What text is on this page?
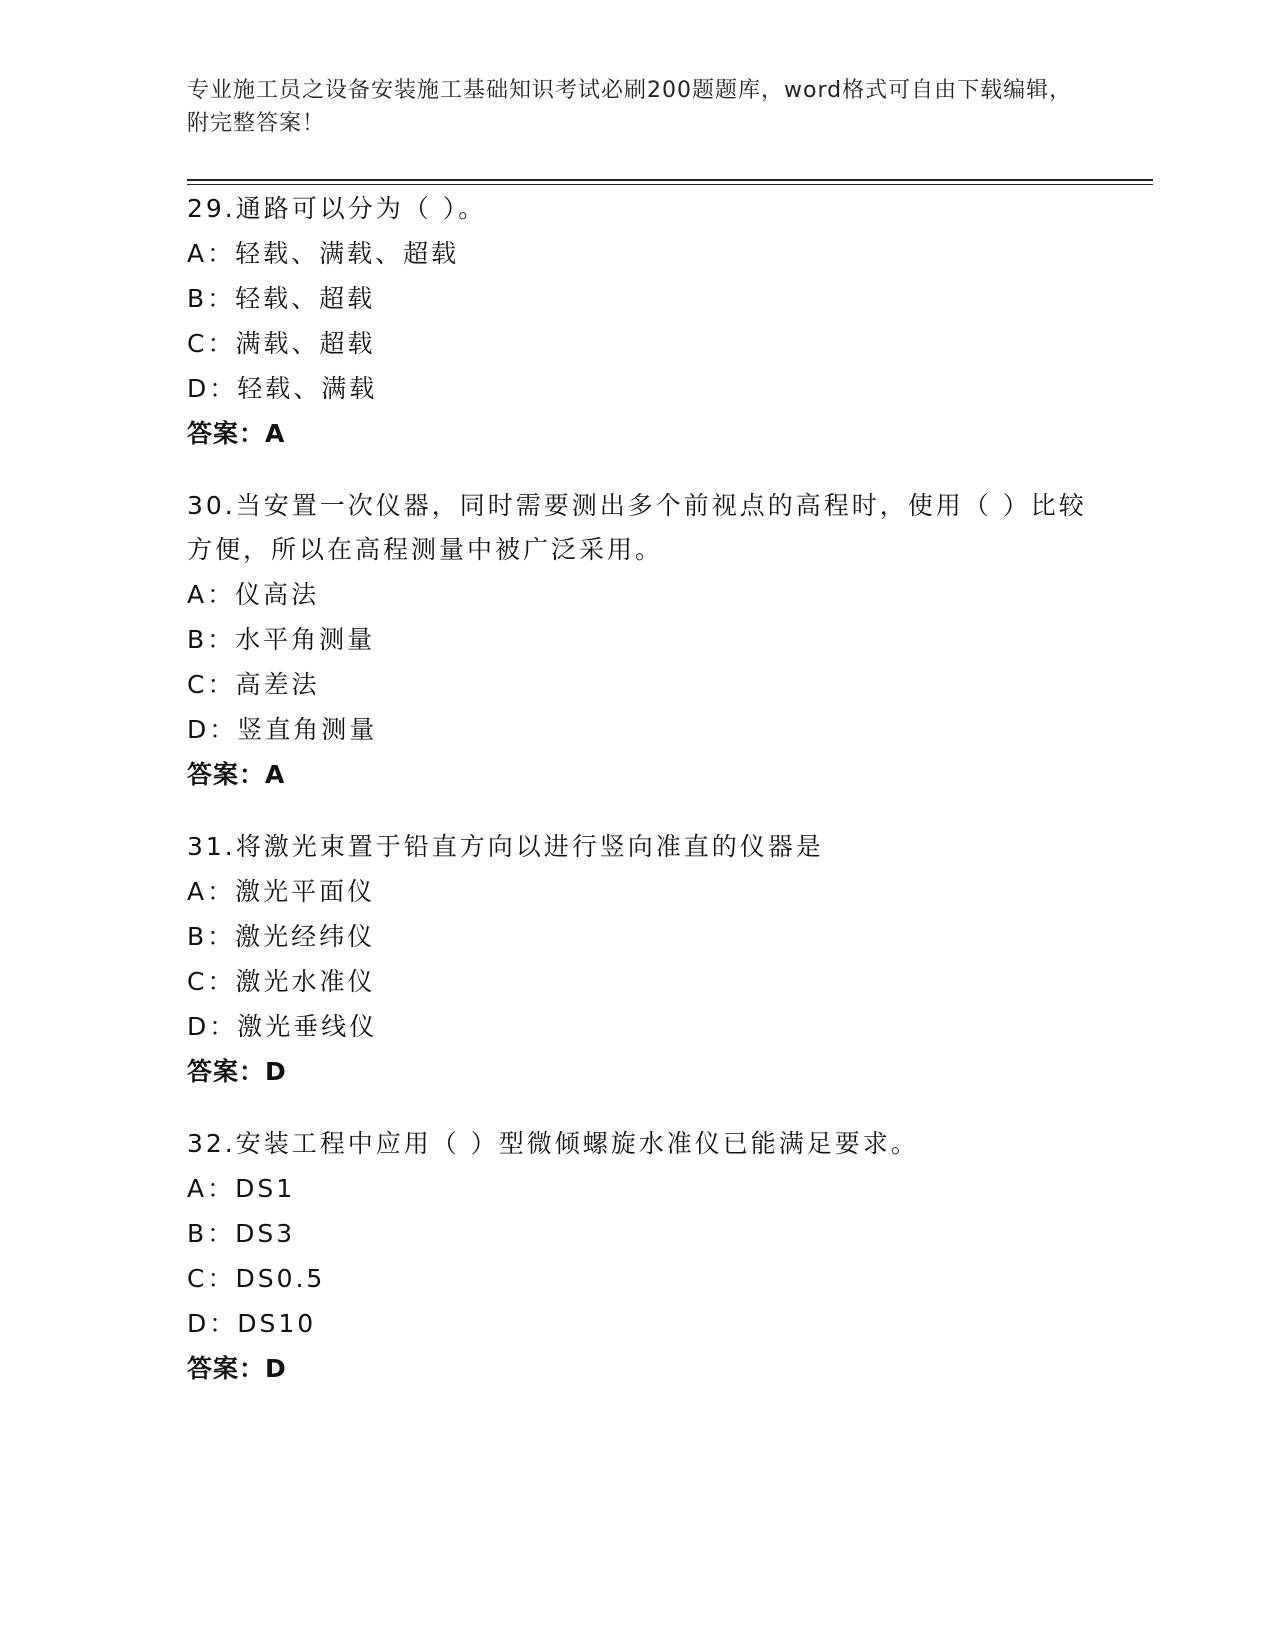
专业施工员之设备安装施工基础知识考试必刷200题题库，word格式可自由下载编辑，附完整答案！

29.通路可以分为（ ）。

A：轻载、满载、超载

B：轻载、超载

C：满载、超载

D：轻载、满载

答案：A

30.当安置一次仪器，同时需要测出多个前视点的高程时，使用（ ）比较方便，所以在高程测量中被广泛采用。

A：仪高法

B：水平角测量

C：高差法

D：竖直角测量

答案：A

31.将激光束置于铅直方向以进行竖向准直的仪器是

A：激光平面仪

B：激光经纬仪

C：激光水准仪

D：激光垂线仪

答案：D

32.安装工程中应用（ ）型微倾螺旋水准仪已能满足要求。

A：DS1

B：DS3

C：DS0.5

D：DS10

答案：D
